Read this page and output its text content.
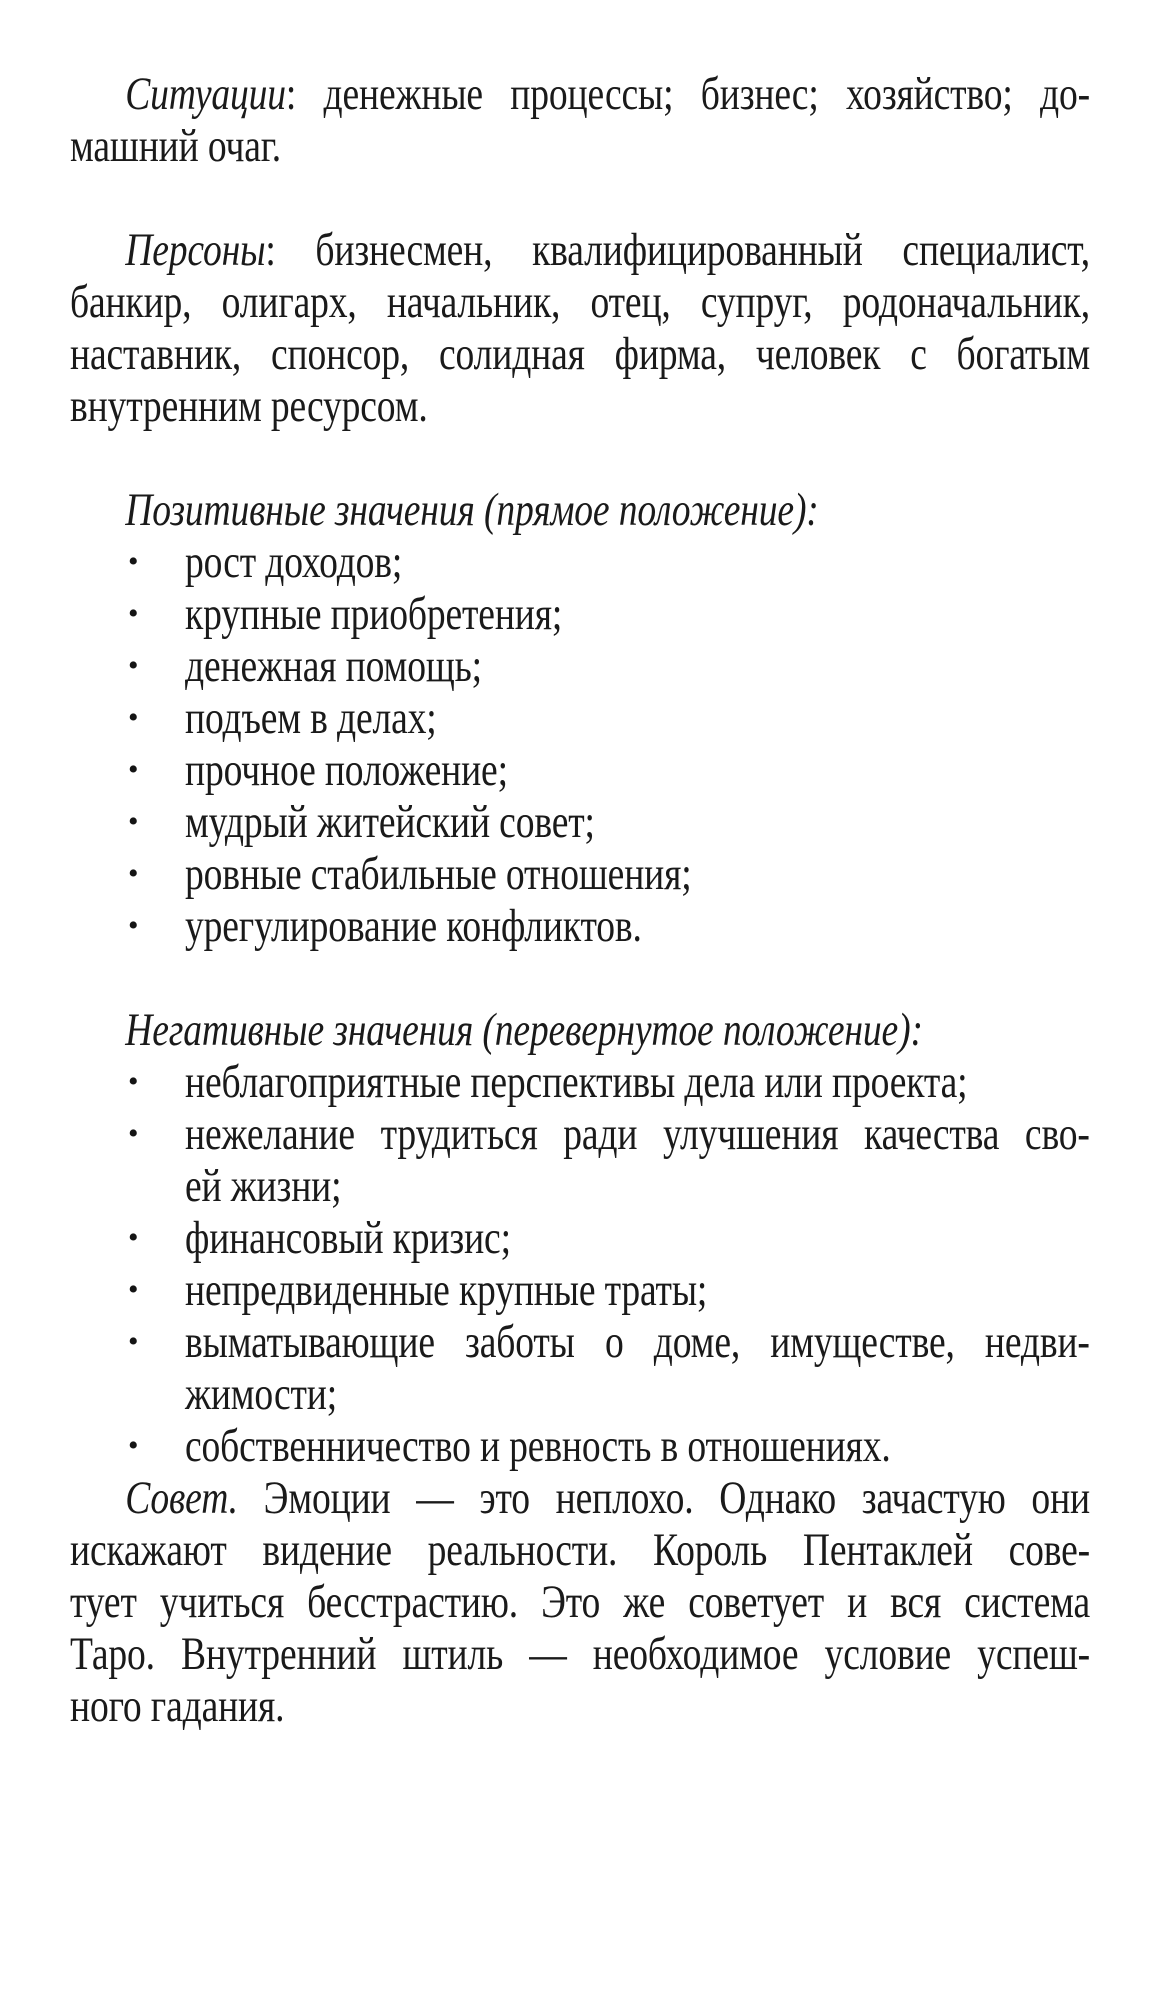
Ситуации: денежные процессы; бизнес; хозяйство; до-
машний очаг.
Персоны: бизнесмен, квалифицированный специалист,
банкир, олигарх, начальник, отец, супруг, родоначальник,
наставник, спонсор, солидная фирма, человек с богатым
внутренним ресурсом.
Позитивные значения (прямое положение):
• рост доходов;
• крупные приобретения;
• денежная помощь;
• подъем в делах;
• прочное положение;
• мудрый житейский совет;
• ровные стабильные отношения;
• урегулирование конфликтов.
Негативные значения (перевернутое положение):
• неблагоприятные перспективы дела или проекта;
• нежелание трудиться ради улучшения качества сво-
ей жизни;
• финансовый кризис;
• непредвиденные крупные траты;
• выматывающие заботы о доме, имуществе, недви-
жимости;
• собственничество и ревность в отношениях.
Совет. Эмоции — это неплохо. Однако зачастую они
искажают видение реальности. Король Пентаклей сове-
тует учиться бесстрастию. Это же советует и вся система
Таро. Внутренний штиль — необходимое условие успеш-
ного гадания.
